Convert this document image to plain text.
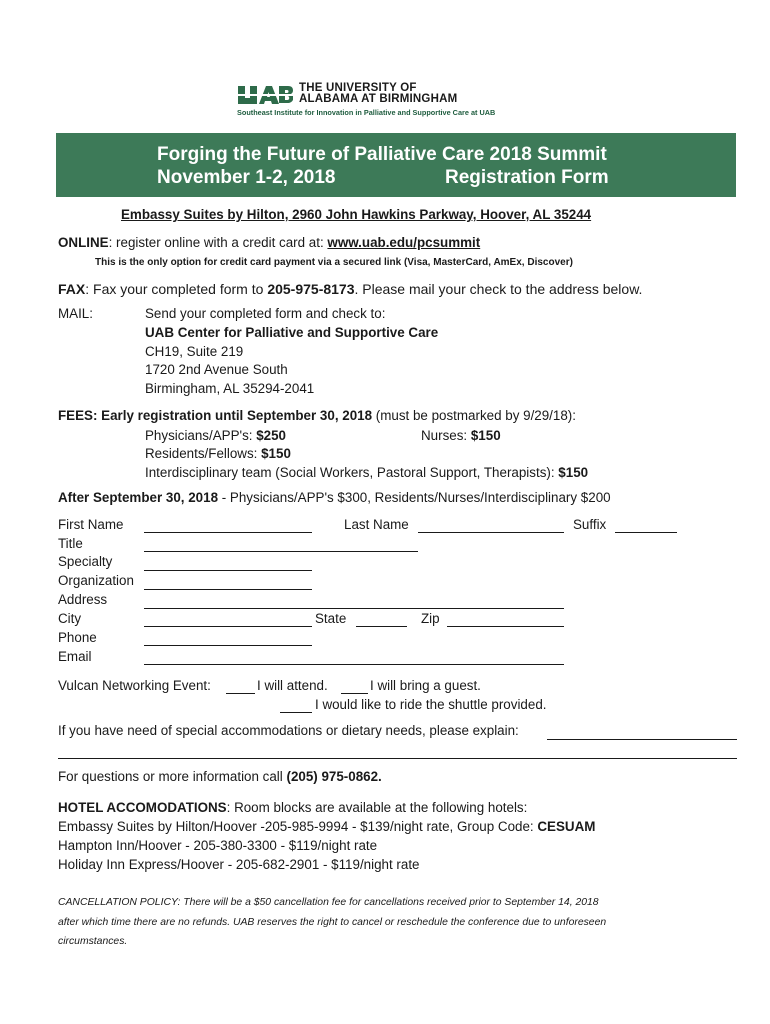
THE UNIVERSITY OF
ALABAMA AT BIRMINGHAM
Southeast Institute for Innovation in Palliative and Supportive Care at UAB
Forging the Future of Palliative Care 2018 Summit
November 1-2, 2018	Registration Form
Embassy Suites by Hilton, 2960 John Hawkins Parkway, Hoover, AL 35244
ONLINE: register online with a credit card at: www.uab.edu/pcsummit
This is the only option for credit card payment via a secured link (Visa, MasterCard, AmEx, Discover)
FAX: Fax your completed form to 205-975-8173. Please mail your check to the address below.
MAIL:	Send your completed form and check to:
UAB Center for Palliative and Supportive Care
CH19, Suite 219
1720 2nd Avenue South
Birmingham, AL 35294-2041
FEES: Early registration until September 30, 2018 (must be postmarked by 9/29/18):
Physicians/APP's: $250	Nurses: $150
Residents/Fellows: $150
Interdisciplinary team (Social Workers, Pastoral Support, Therapists): $150
After September 30, 2018 - Physicians/APP's $300, Residents/Nurses/Interdisciplinary $200
First Name	Last Name	Suffix
Title
Specialty
Organization
Address
City	State	Zip
Phone
Email
Vulcan Networking Event:	I will attend.	I will bring a guest.
I would like to ride the shuttle provided.
If you have need of special accommodations or dietary needs, please explain:
For questions or more information call (205) 975-0862.
HOTEL ACCOMODATIONS: Room blocks are available at the following hotels:
Embassy Suites by Hilton/Hoover -205-985-9994 - $139/night rate, Group Code: CESUAM
Hampton Inn/Hoover - 205-380-3300 - $119/night rate
Holiday Inn Express/Hoover - 205-682-2901 - $119/night rate
CANCELLATION POLICY: There will be a $50 cancellation fee for cancellations received prior to September 14, 2018
after which time there are no refunds. UAB reserves the right to cancel or reschedule the conference due to unforeseen
circumstances.
